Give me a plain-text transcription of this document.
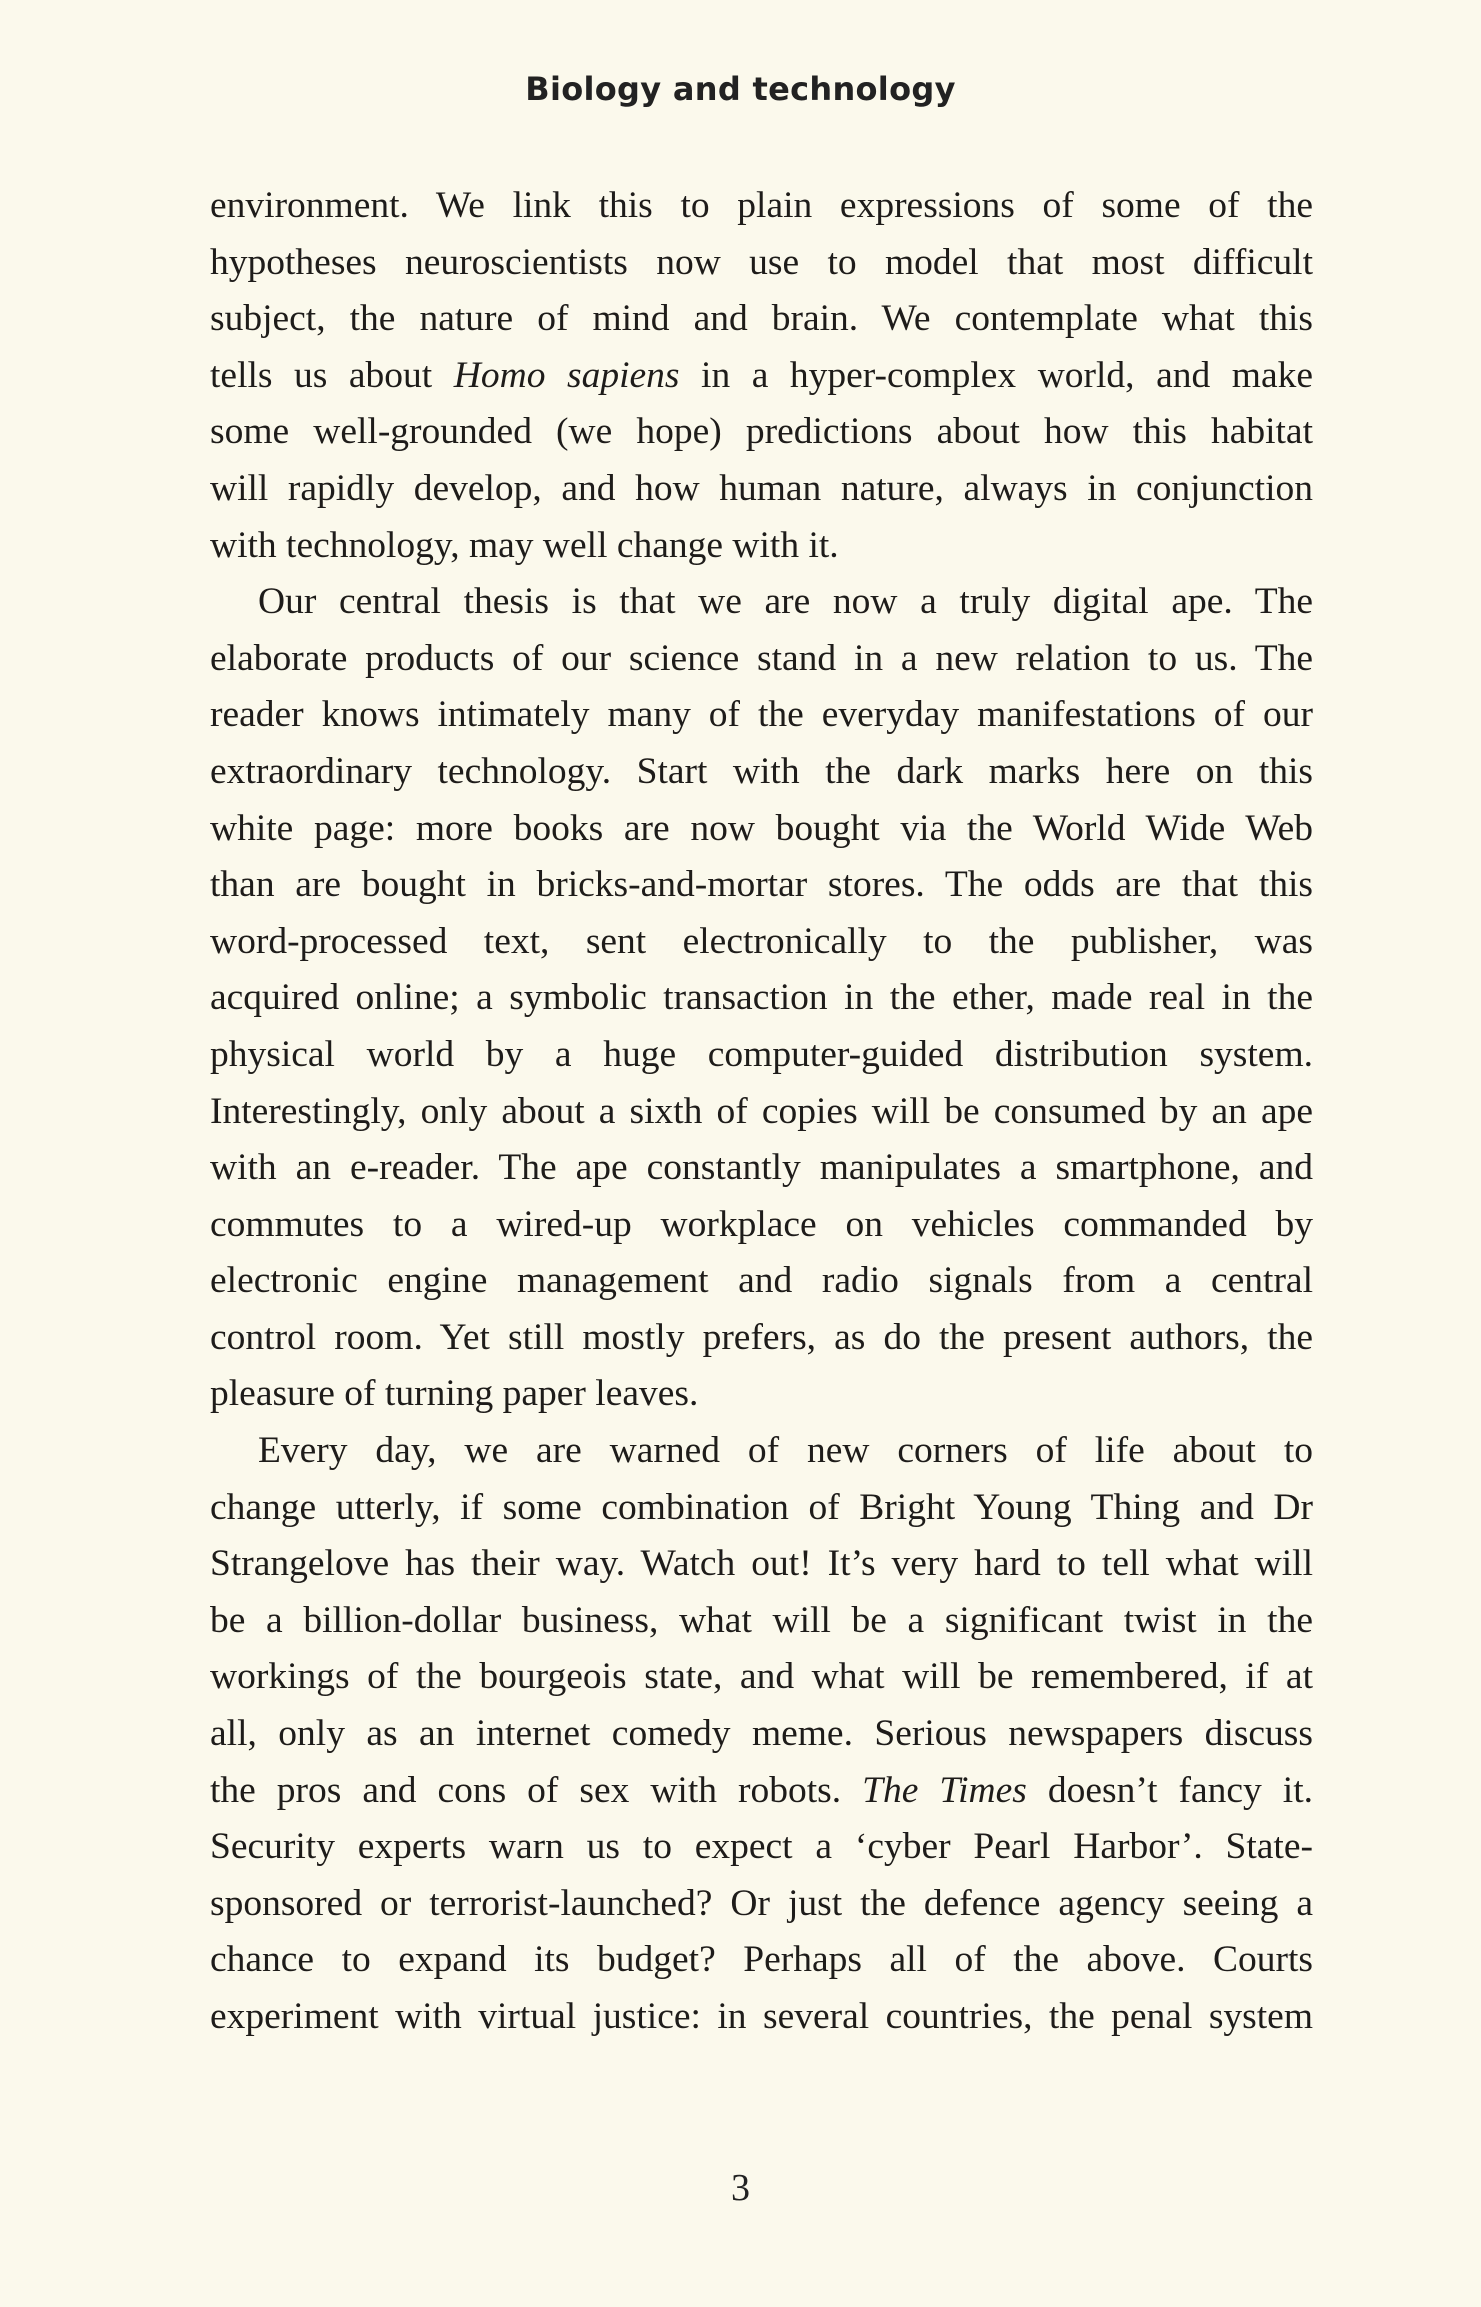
Biology and technology
environment. We link this to plain expressions of some of the
hypotheses neuroscientists now use to model that most difficult
subject, the nature of mind and brain. We contemplate what this
tells us about Homo sapiens in a hyper-complex world, and make
some well-grounded (we hope) predictions about how this habitat
will rapidly develop, and how human nature, always in conjunction
with technology, may well change with it.
Our central thesis is that we are now a truly digital ape. The
elaborate products of our science stand in a new relation to us. The
reader knows intimately many of the everyday manifestations of our
extraordinary technology. Start with the dark marks here on this
white page: more books are now bought via the World Wide Web
than are bought in bricks-and-mortar stores. The odds are that this
word-processed text, sent electronically to the publisher, was
acquired online; a symbolic transaction in the ether, made real in the
physical world by a huge computer-guided distribution system.
Interestingly, only about a sixth of copies will be consumed by an ape
with an e-reader. The ape constantly manipulates a smartphone, and
commutes to a wired-up workplace on vehicles commanded by
electronic engine management and radio signals from a central
control room. Yet still mostly prefers, as do the present authors, the
pleasure of turning paper leaves.
Every day, we are warned of new corners of life about to
change utterly, if some combination of Bright Young Thing and Dr
Strangelove has their way. Watch out! It’s very hard to tell what will
be a billion-dollar business, what will be a significant twist in the
workings of the bourgeois state, and what will be remembered, if at
all, only as an internet comedy meme. Serious newspapers discuss
the pros and cons of sex with robots. The Times doesn’t fancy it.
Security experts warn us to expect a ‘cyber Pearl Harbor’. State-
sponsored or terrorist-launched? Or just the defence agency seeing a
chance to expand its budget? Perhaps all of the above. Courts
experiment with virtual justice: in several countries, the penal system
3
